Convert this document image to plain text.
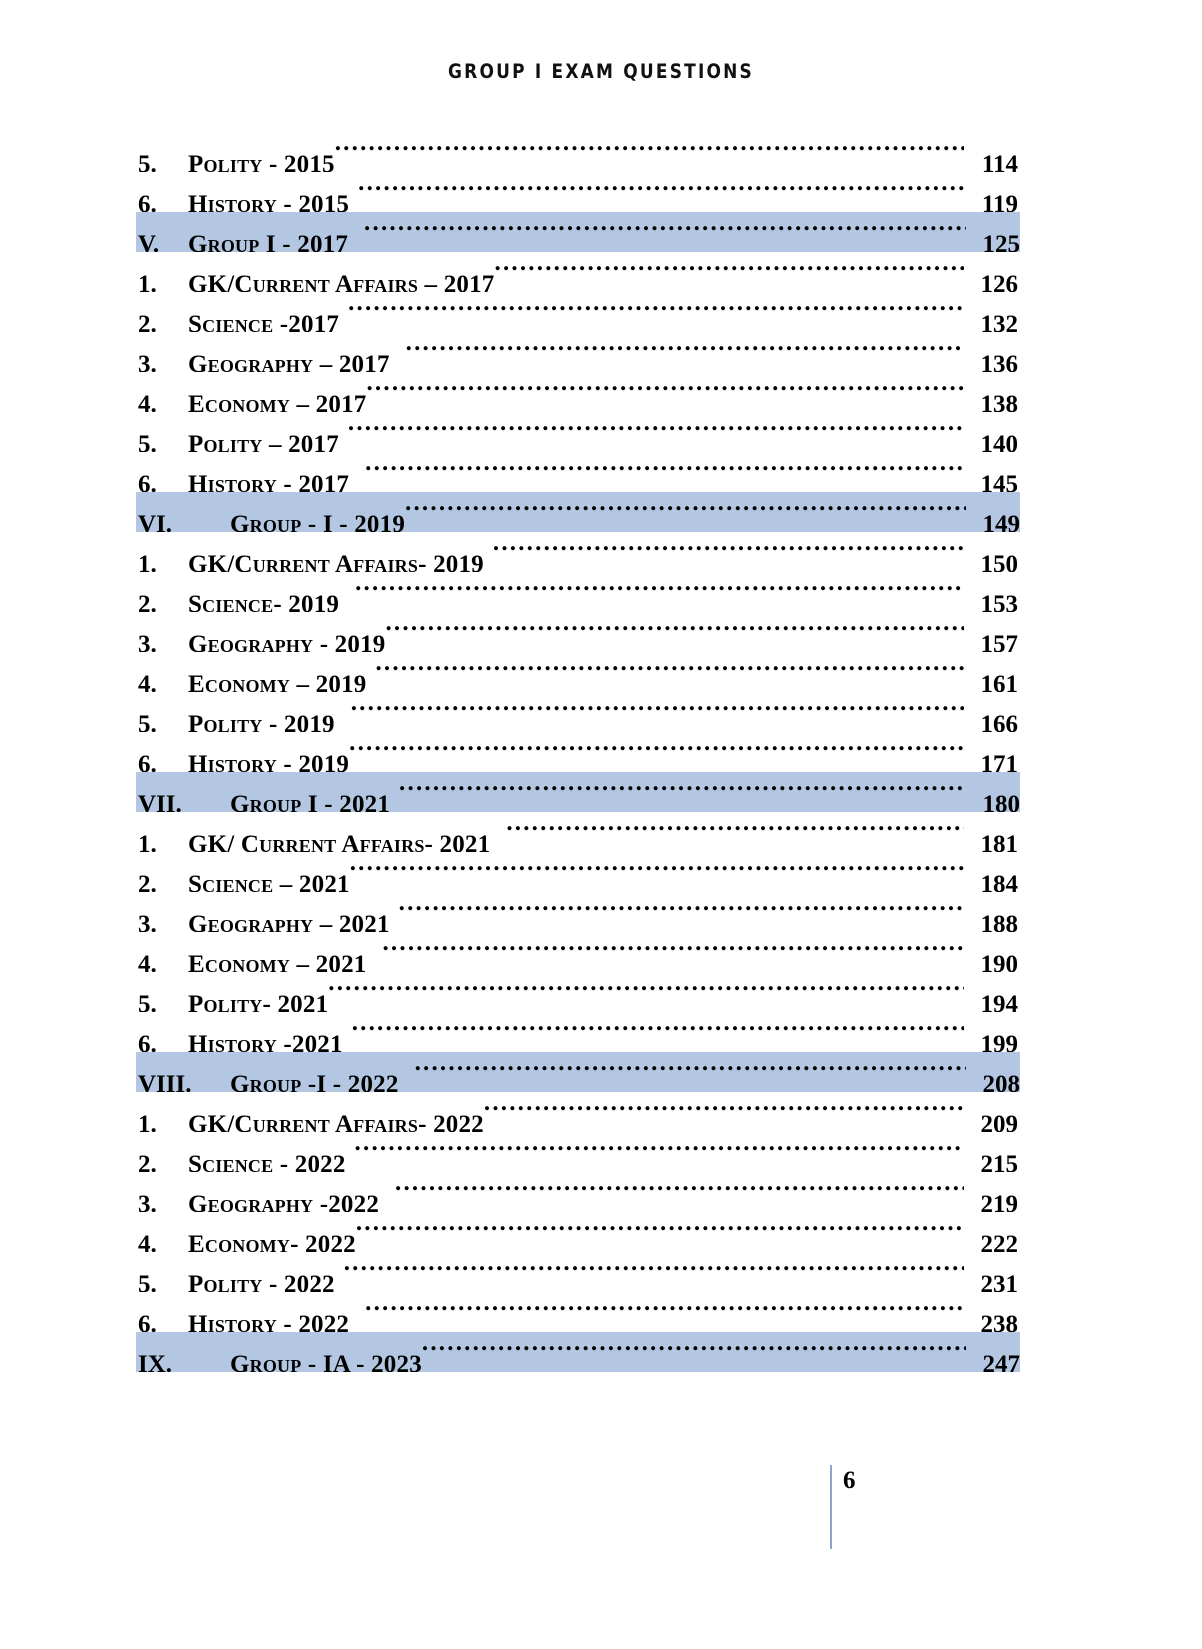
GROUP I EXAM QUESTIONS
5.	Polity - 2015 .....	114
6.	History - 2015 .....	119
V.	Group I - 2017 .....	125
1.	GK/Current Affairs – 2017 .....	126
2.	Science -2017 .....	132
3.	Geography – 2017 .....	136
4.	Economy – 2017 .....	138
5.	Polity – 2017 .....	140
6.	History - 2017 .....	145
VI.	Group - I - 2019 .....	149
1.	GK/Current Affairs- 2019 .....	150
2.	Science- 2019 .....	153
3.	Geography - 2019 .....	157
4.	Economy – 2019 .....	161
5.	Polity - 2019 .....	166
6.	History - 2019 .....	171
VII.	Group I - 2021 .....	180
1.	GK/ Current Affairs- 2021 .....	181
2.	Science – 2021 .....	184
3.	Geography – 2021 .....	188
4.	Economy – 2021 .....	190
5.	Polity- 2021 .....	194
6.	History -2021 .....	199
VIII.	Group -I - 2022 .....	208
1.	GK/Current Affairs- 2022 .....	209
2.	Science - 2022 .....	215
3.	Geography -2022 .....	219
4.	Economy- 2022 .....	222
5.	Polity - 2022 .....	231
6.	History - 2022 .....	238
IX.	Group - IA - 2023 .....	247
6
